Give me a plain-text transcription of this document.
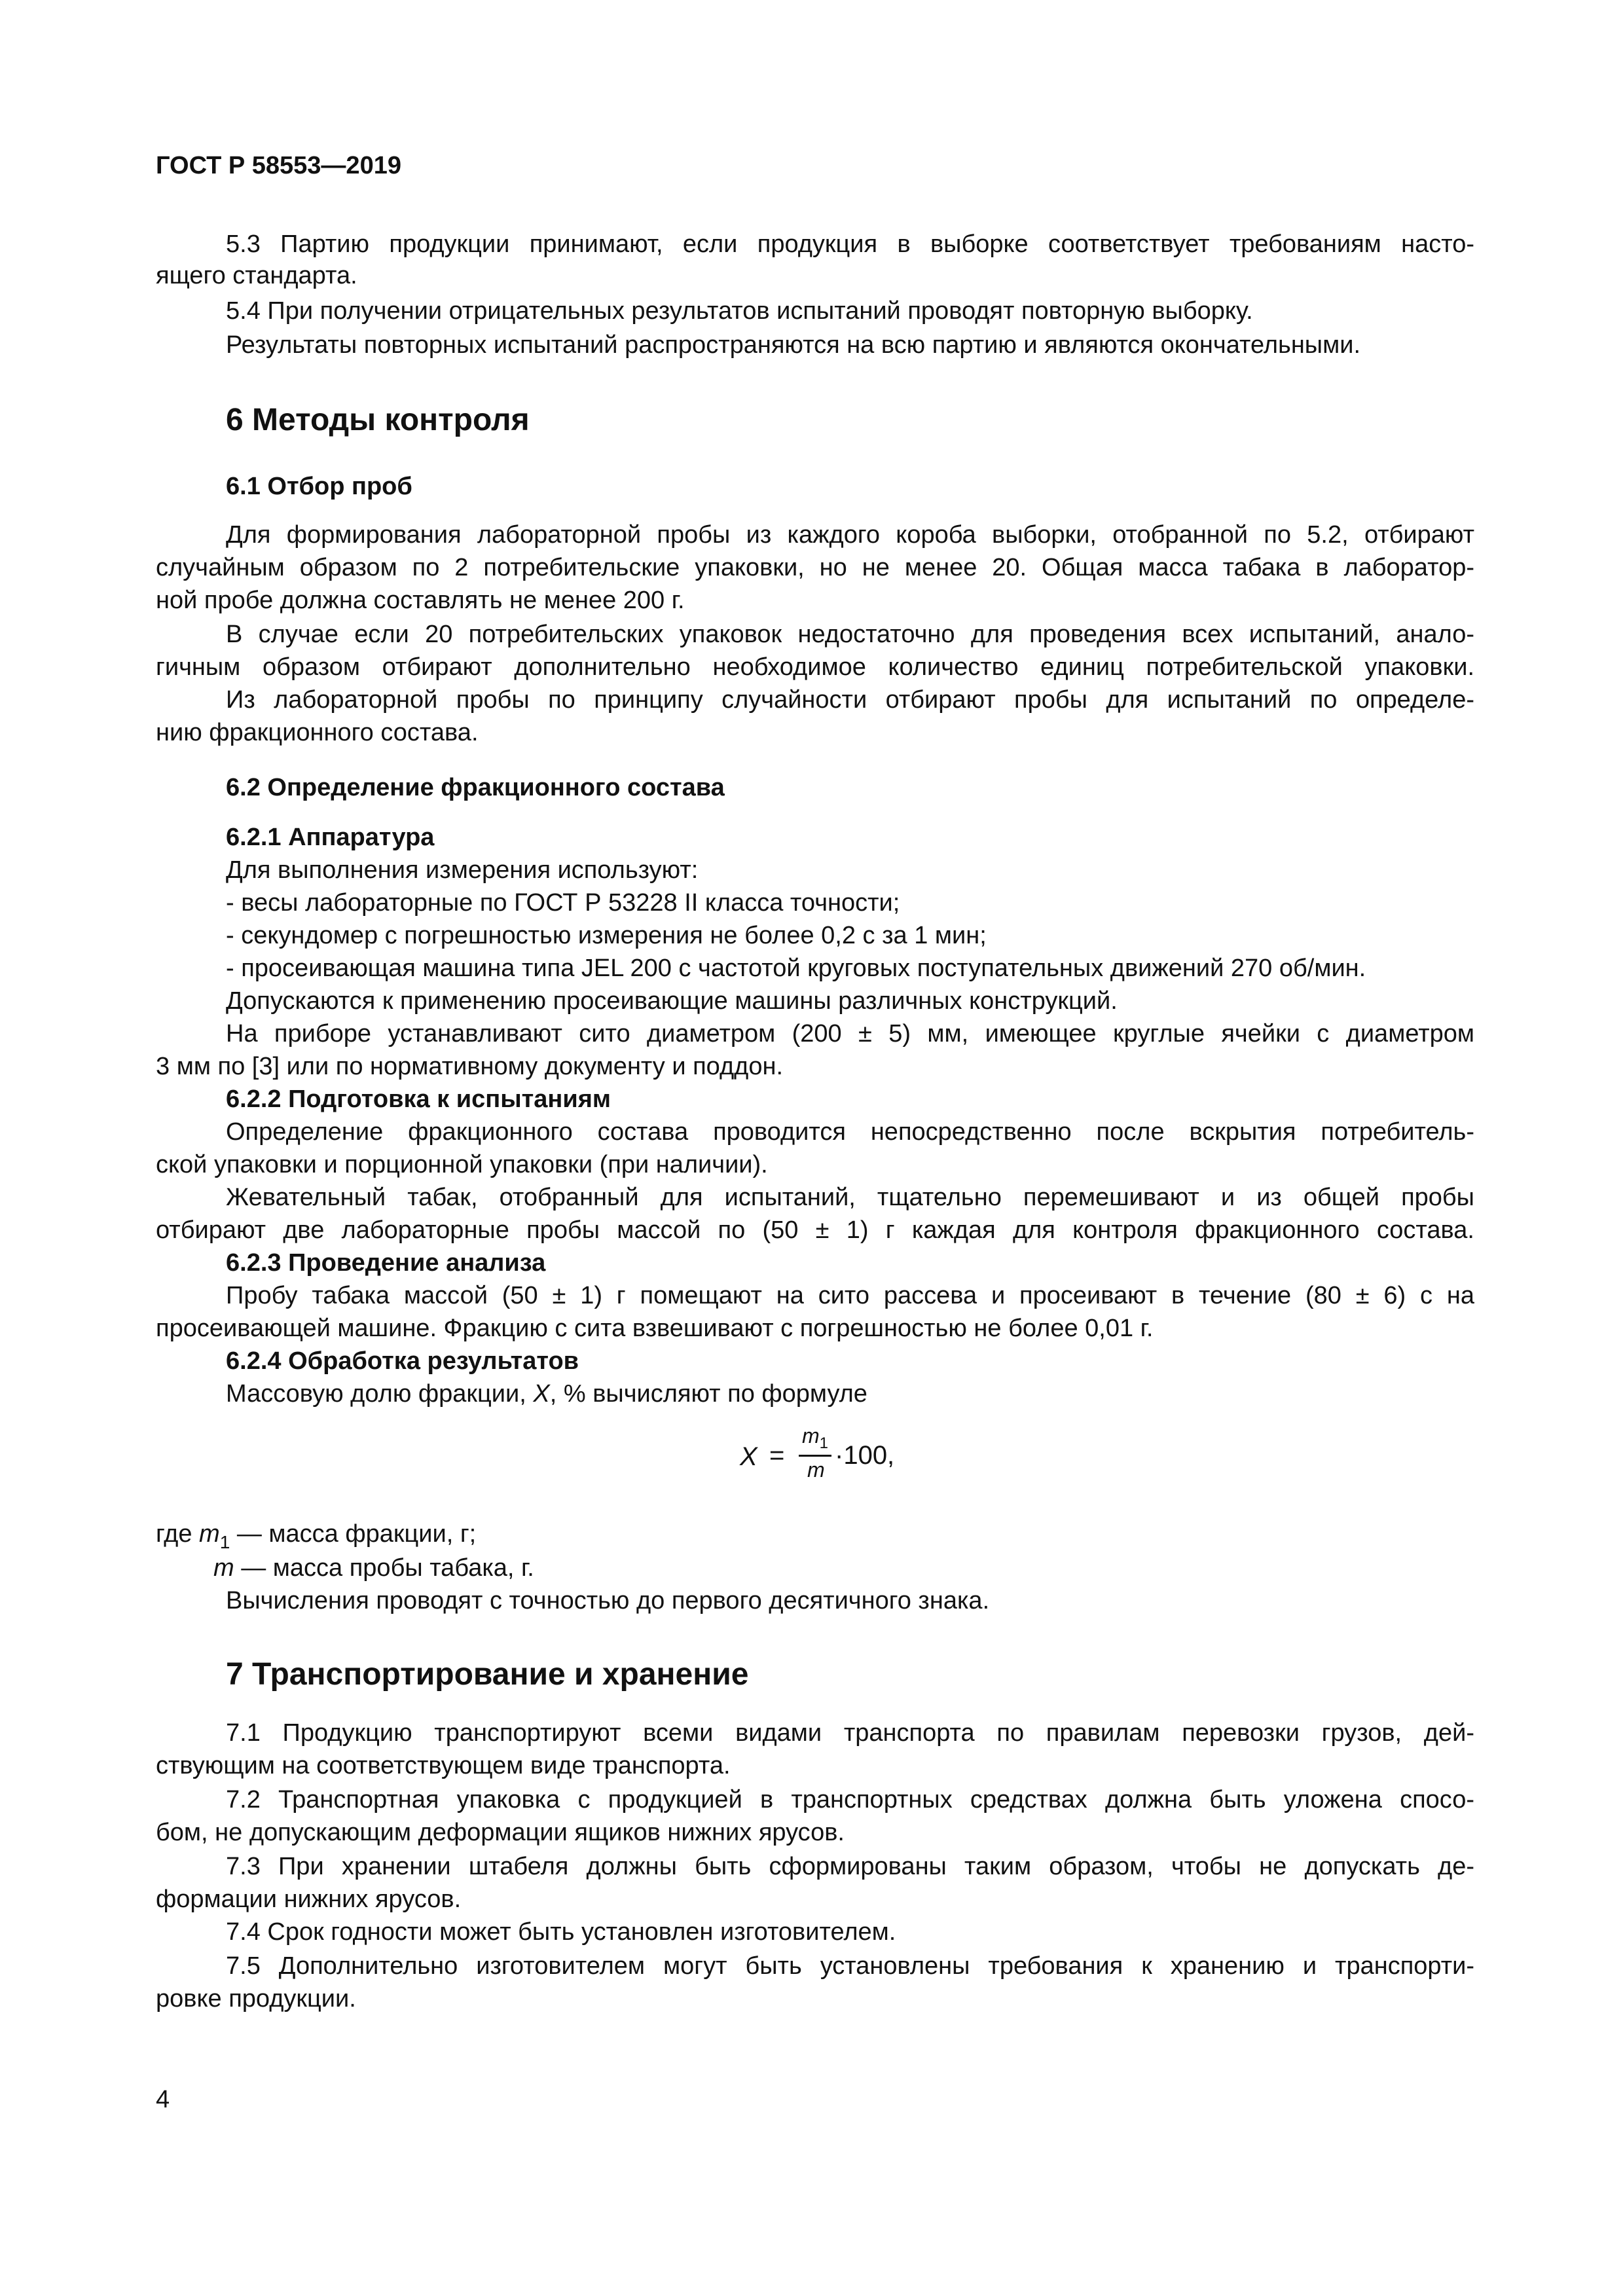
ГОСТ Р 58553—2019
5.3 Партию продукции принимают, если продукция в выборке соответствует требованиям насто-
ящего стандарта.
5.4 При получении отрицательных результатов испытаний проводят повторную выборку.
Результаты повторных испытаний распространяются на всю партию и являются окончательными.
6 Методы контроля
6.1 Отбор проб
Для формирования лабораторной пробы из каждого короба выборки, отобранной по 5.2, отбирают
случайным образом по 2 потребительские упаковки, но не менее 20. Общая масса табака в лаборатор-
ной пробе должна составлять не менее 200 г.
В случае если 20 потребительских упаковок недостаточно для проведения всех испытаний, анало-
гичным образом отбирают дополнительно необходимое количество единиц потребительской упаковки.
Из лабораторной пробы по принципу случайности отбирают пробы для испытаний по определе-
нию фракционного состава.
6.2 Определение фракционного состава
6.2.1 Аппаратура
Для выполнения измерения используют:
- весы лабораторные по ГОСТ Р 53228 II класса точности;
- секундомер с погрешностью измерения не более 0,2 с за 1 мин;
- просеивающая машина типа JEL 200 с частотой круговых поступательных движений 270 об/мин.
Допускаются к применению просеивающие машины различных конструкций.
На приборе устанавливают сито диаметром (200 ± 5) мм, имеющее круглые ячейки с диаметром
3 мм по [3] или по нормативному документу и поддон.
6.2.2 Подготовка к испытаниям
Определение фракционного состава проводится непосредственно после вскрытия потребитель-
ской упаковки и порционной упаковки (при наличии).
Жевательный табак, отобранный для испытаний, тщательно перемешивают и из общей пробы
отбирают две лабораторные пробы массой по (50 ± 1) г каждая для контроля фракционного состава.
6.2.3 Проведение анализа
Пробу табака массой (50 ± 1) г помещают на сито рассева и просеивают в течение (80 ± 6) с на
просеивающей машине. Фракцию с сита взвешивают с погрешностью не более 0,01 г.
6.2.4 Обработка результатов
Массовую долю фракции, X, % вычисляют по формуле
X =
$m_1$
m ·100,
где $m_1$ — масса фракции, г;
m — масса пробы табака, г.
Вычисления проводят с точностью до первого десятичного знака.
7 Транспортирование и хранение
7.1 Продукцию транспортируют всеми видами транспорта по правилам перевозки грузов, дей-
ствующим на соответствующем виде транспорта.
7.2 Транспортная упаковка с продукцией в транспортных средствах должна быть уложена спосо-
бом, не допускающим деформации ящиков нижних ярусов.
7.3 При хранении штабеля должны быть сформированы таким образом, чтобы не допускать де-
формации нижних ярусов.
7.4 Срок годности может быть установлен изготовителем.
7.5 Дополнительно изготовителем могут быть установлены требования к хранению и транспорти-
ровке продукции.
4
